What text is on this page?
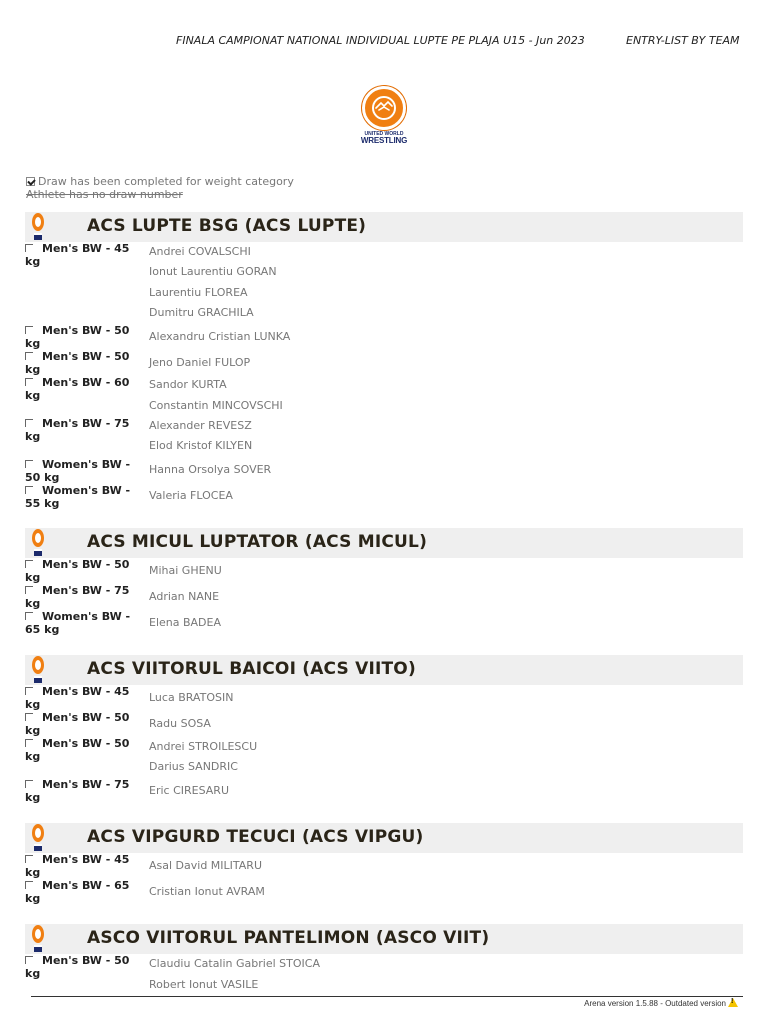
FINALA CAMPIONAT NATIONAL INDIVIDUAL LUPTE PE PLAJA U15 - Jun 2023	ENTRY-LIST BY TEAM
UNITED WORLD
WRESTLING
Draw has been completed for weight category
Athlete has no draw number
ACS LUPTE BSG (ACS LUPTE)
Men's BW - 45 kg
Andrei COVALSCHI
Ionut Laurentiu GORAN
Laurentiu FLOREA
Dumitru GRACHILA
Men's BW - 50 kg
Alexandru Cristian LUNKA
Men's BW - 50 kg
Jeno Daniel FULOP
Men's BW - 60 kg
Sandor KURTA
Constantin MINCOVSCHI
Men's BW - 75 kg
Alexander REVESZ
Elod Kristof KILYEN
Women's BW - 50 kg
Hanna Orsolya SOVER
Women's BW - 55 kg
Valeria FLOCEA
ACS MICUL LUPTATOR (ACS MICUL)
Men's BW - 50 kg
Mihai GHENU
Men's BW - 75 kg
Adrian NANE
Women's BW - 65 kg
Elena BADEA
ACS VIITORUL BAICOI (ACS VIITO)
Men's BW - 45 kg
Luca BRATOSIN
Men's BW - 50 kg
Radu SOSA
Men's BW - 50 kg
Andrei STROILESCU
Darius SANDRIC
Men's BW - 75 kg
Eric CIRESARU
ACS VIPGURD TECUCI (ACS VIPGU)
Men's BW - 45 kg
Asal David MILITARU
Men's BW - 65 kg
Cristian Ionut AVRAM
ASCO VIITORUL PANTELIMON (ASCO VIIT)
Men's BW - 50 kg
Claudiu Catalin Gabriel STOICA
Robert Ionut VASILE
Arena version 1.5.88 - Outdated version!
